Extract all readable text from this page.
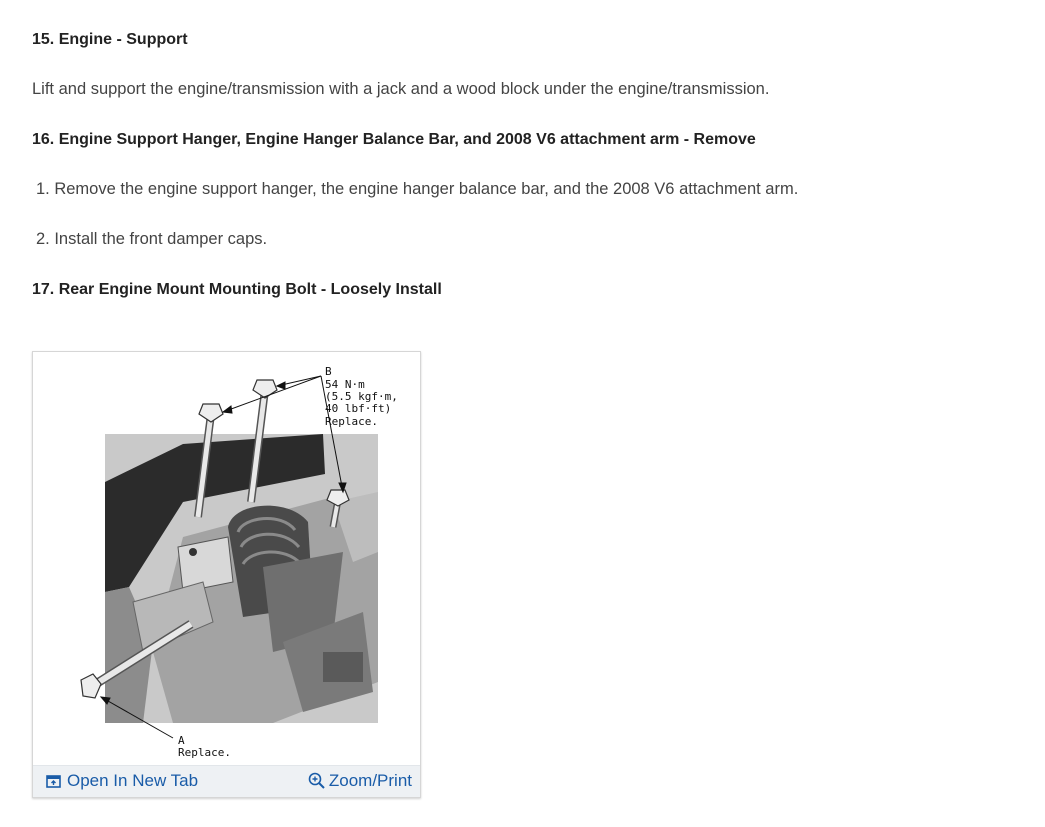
15. Engine - Support

Lift and support the engine/transmission with a jack and a wood block under the engine/transmission.

16. Engine Support Hanger, Engine Hanger Balance Bar, and 2008 V6 attachment arm - Remove

1. Remove the engine support hanger, the engine hanger balance bar, and the 2008 V6 attachment arm.

2. Install the front damper caps.

17. Rear Engine Mount Mounting Bolt - Loosely Install
B
54 N·m
(5.5 kgf·m,
40 lbf·ft)
Replace.
A
Replace.
Open In New Tab	Zoom/Print
